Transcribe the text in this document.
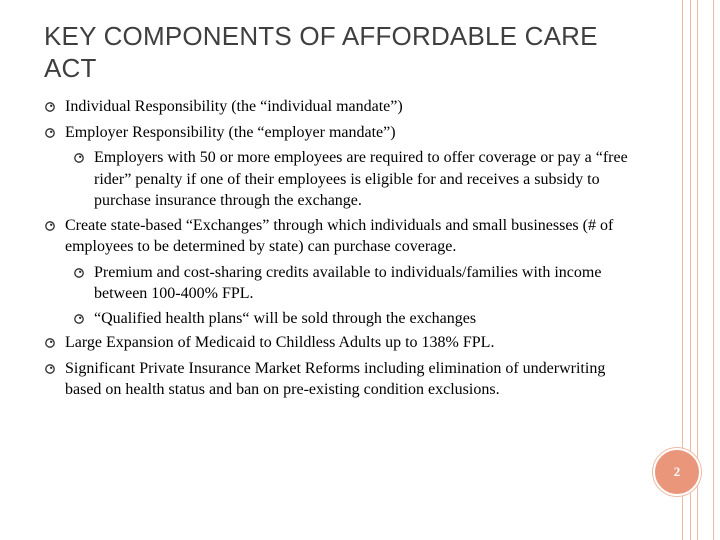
KEY COMPONENTS OF AFFORDABLE CARE ACT
Individual Responsibility (the “individual mandate”)
Employer Responsibility (the “employer mandate”)
Employers with 50 or more employees are required to offer coverage or pay a “free rider” penalty if one of their employees is eligible for and receives a subsidy to purchase insurance through the exchange.
Create state-based “Exchanges” through which individuals and small businesses (# of employees to be determined by state) can purchase coverage.
Premium and cost-sharing credits available to individuals/families with income between 100-400% FPL.
“Qualified health plans“ will be sold through the exchanges
Large Expansion of Medicaid to Childless Adults up to 138% FPL.
Significant Private Insurance Market Reforms including elimination of underwriting based on health status and ban on pre-existing condition exclusions.
2
